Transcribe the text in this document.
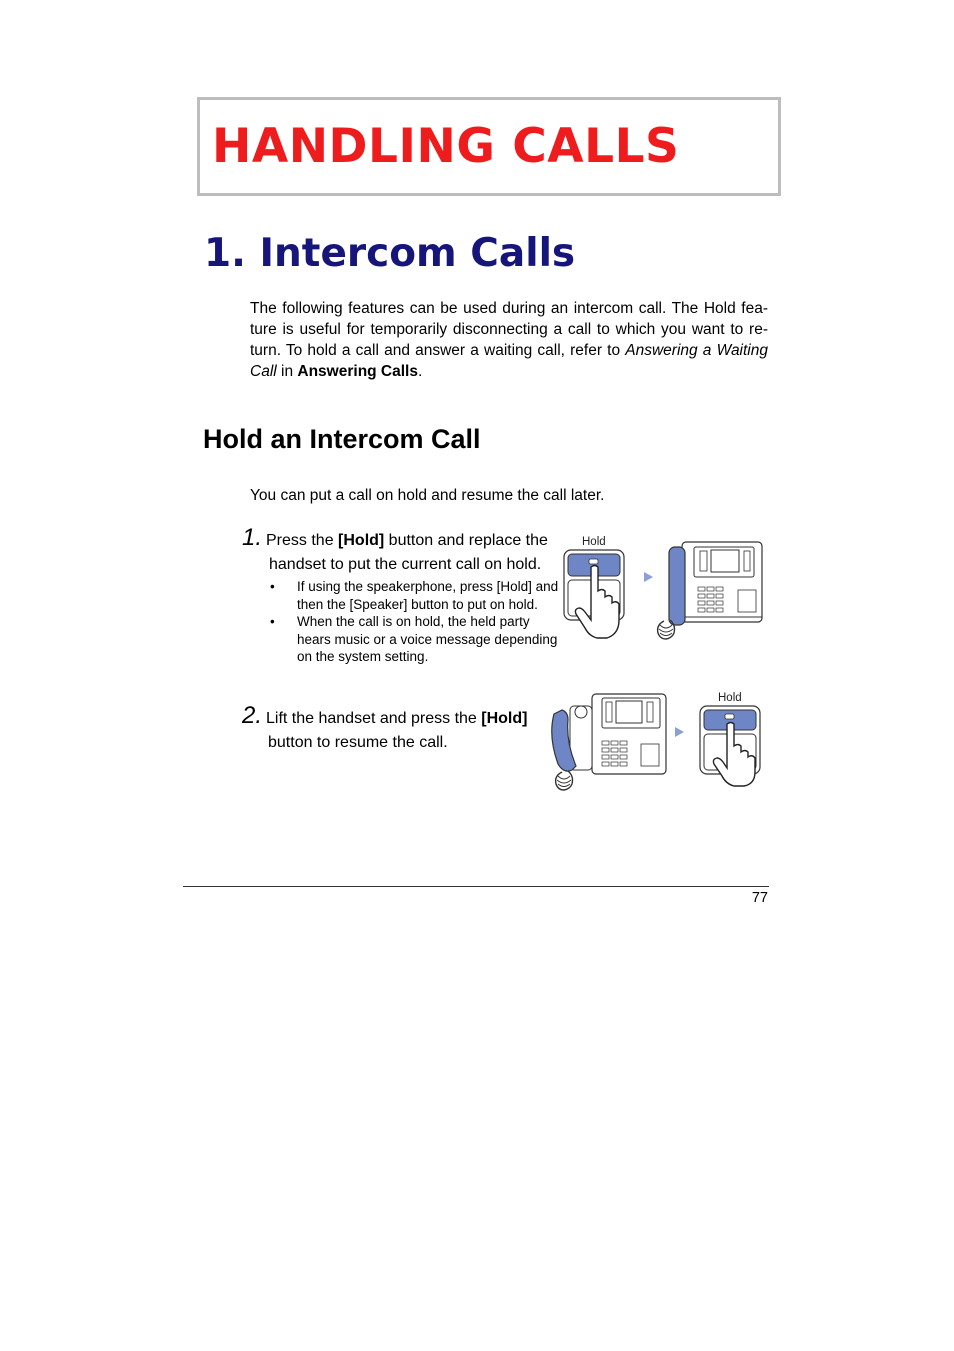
HANDLING CALLS
1. Intercom Calls

The following features can be used during an intercom call. The Hold fea-ture is useful for temporarily disconnecting a call to which you want to re-turn. To hold a call and answer a waiting call, refer to Answering a Waiting Call in Answering Calls.

Hold an Intercom Call

You can put a call on hold and resume the call later.

1. Press the [Hold] button and replace the
handset to put the current call on hold.
• If using the speakerphone, press [Hold] and then the [Speaker] button to put on hold.
• When the call is on hold, the held party hears music or a voice message depending on the system setting.
Hold
2. Lift the handset and press the [Hold]
button to resume the call.
Hold
77
